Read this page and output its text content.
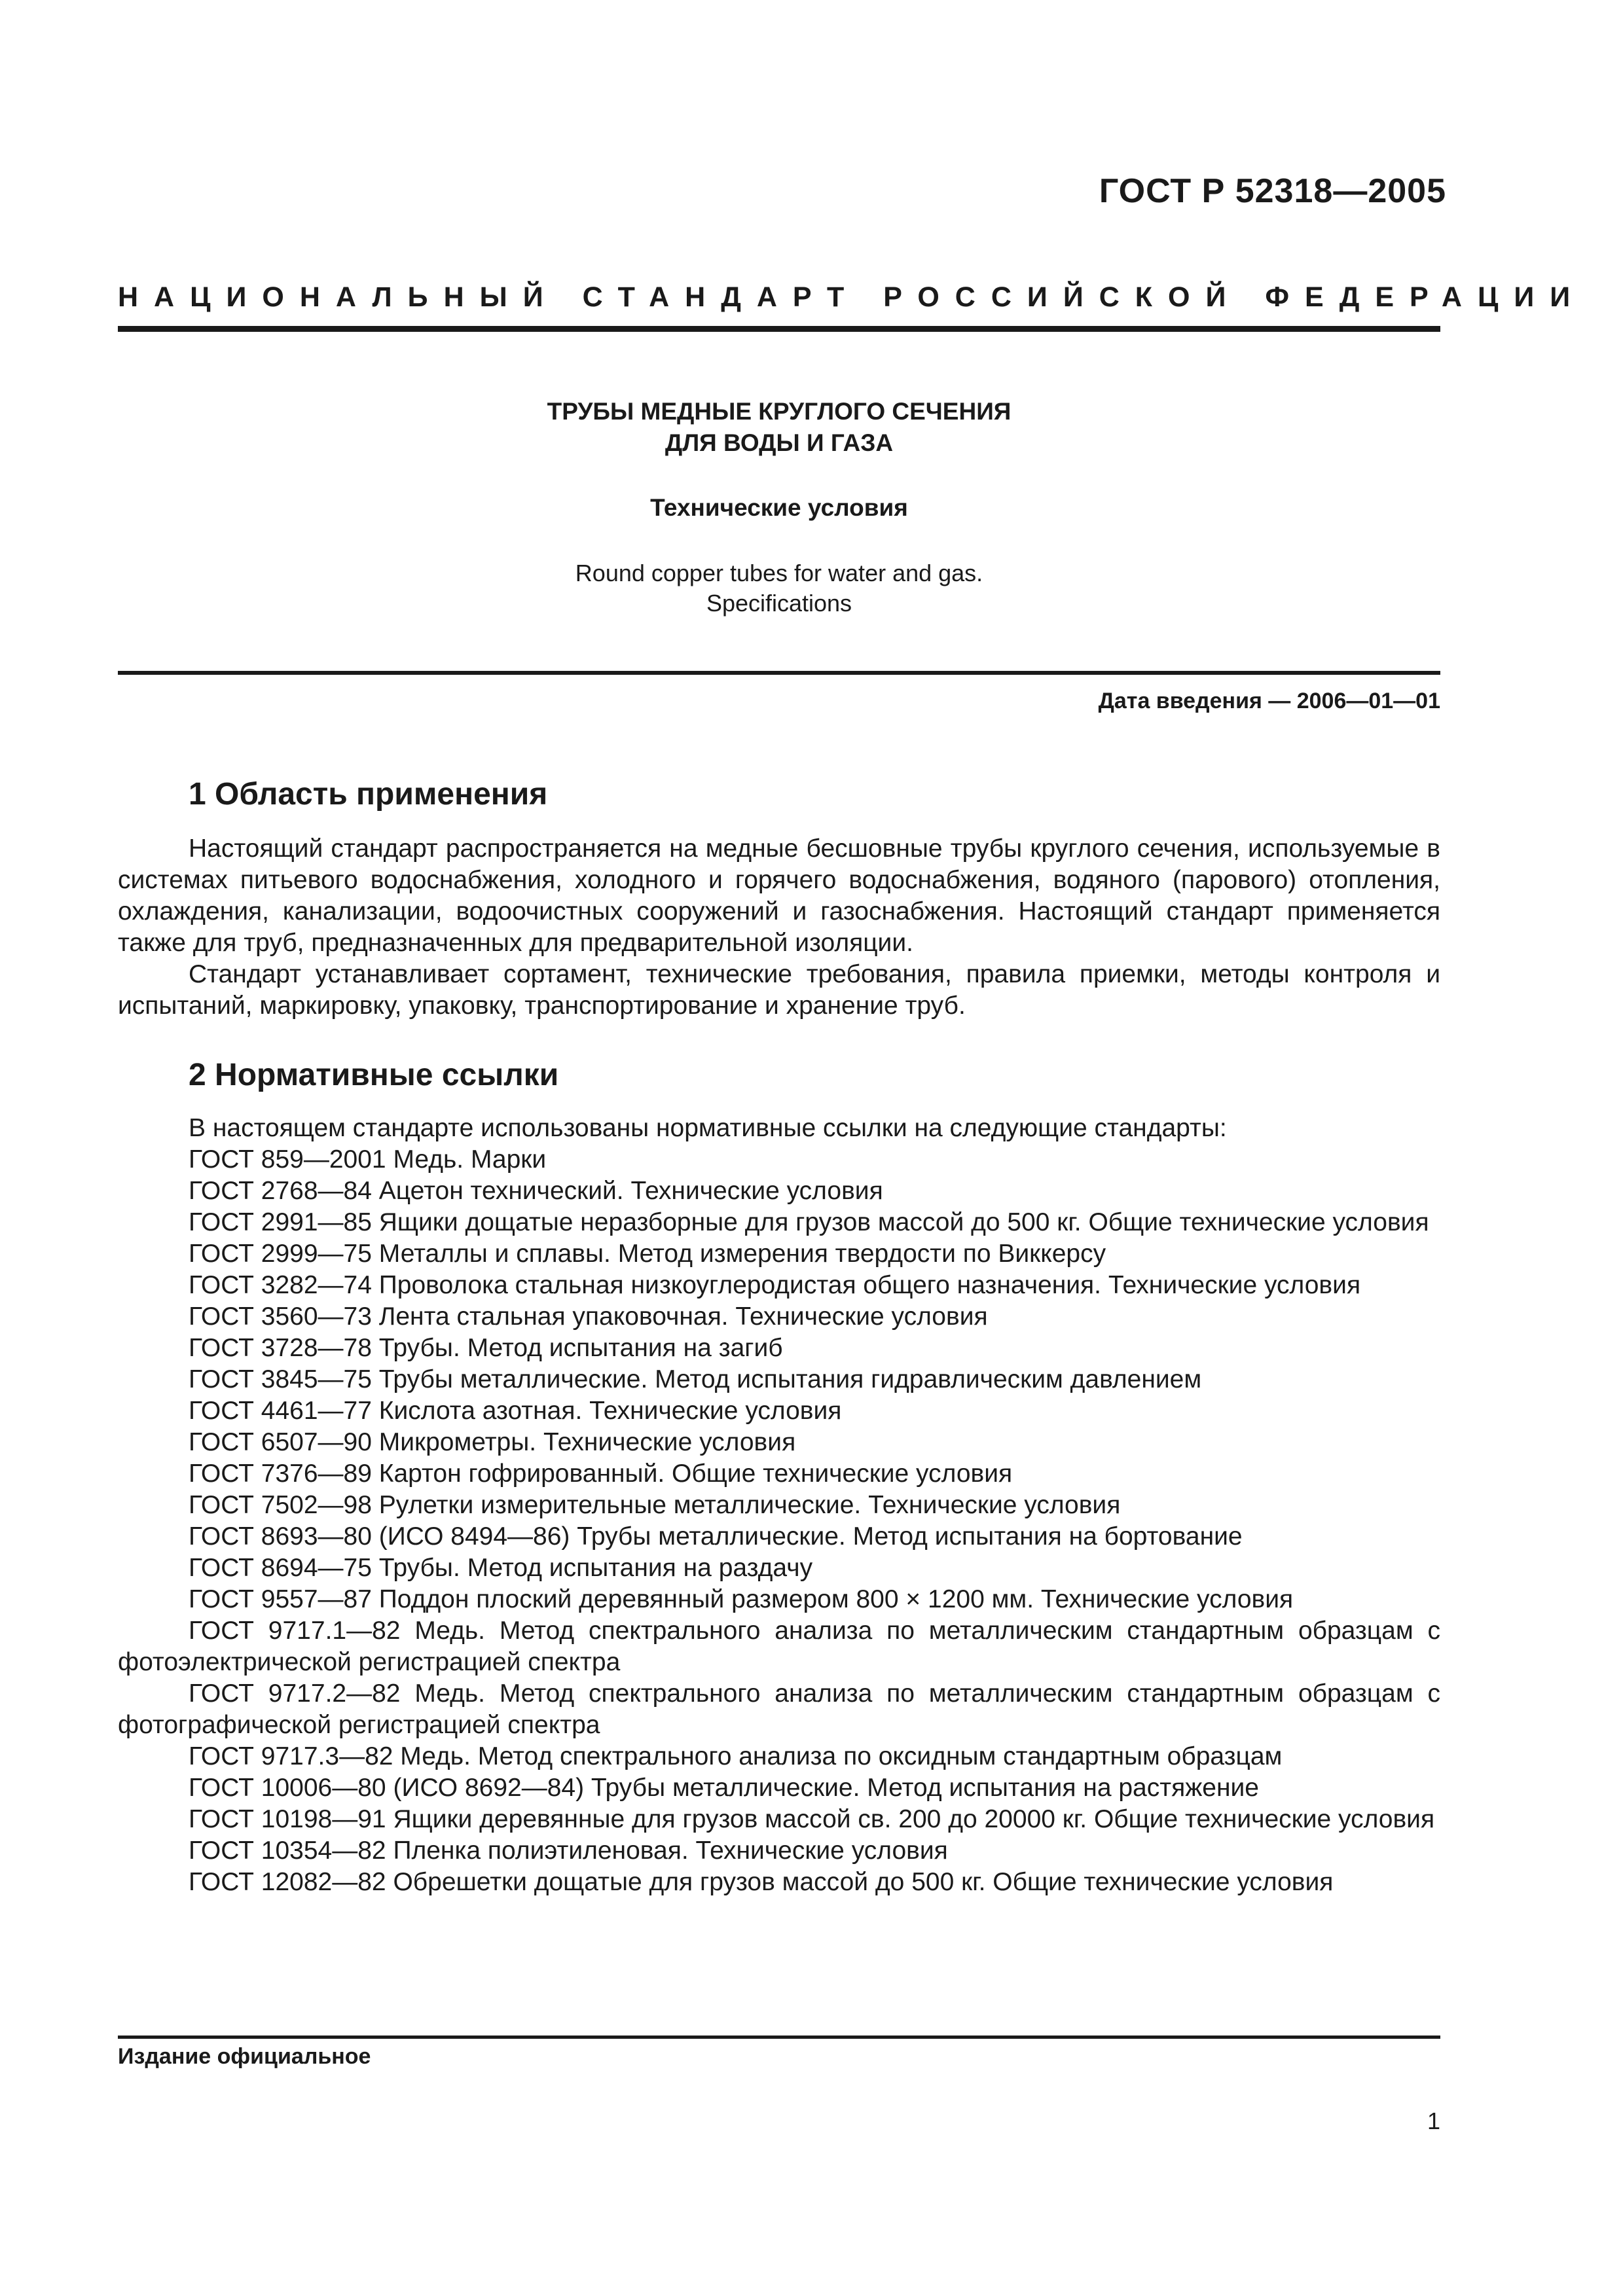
ГОСТ Р 52318—2005
НАЦИОНАЛЬНЫЙ СТАНДАРТ РОССИЙСКОЙ ФЕДЕРАЦИИ
ТРУБЫ МЕДНЫЕ КРУГЛОГО СЕЧЕНИЯ
ДЛЯ ВОДЫ И ГАЗА
Технические условия
Round copper tubes for water and gas.
Specifications
Дата введения — 2006—01—01
1 Область применения

Настоящий стандарт распространяется на медные бесшовные трубы круглого сечения, используемые в системах питьевого водоснабжения, холодного и горячего водоснабжения, водяного (парового) отопления, охлаждения, канализации, водоочистных сооружений и газоснабжения. Настоящий стандарт применяется также для труб, предназначенных для предварительной изоляции.

Стандарт устанавливает сортамент, технические требования, правила приемки, методы контроля и испытаний, маркировку, упаковку, транспортирование и хранение труб.

2 Нормативные ссылки

В настоящем стандарте использованы нормативные ссылки на следующие стандарты:

ГОСТ 859—2001 Медь. Марки

ГОСТ 2768—84 Ацетон технический. Технические условия

ГОСТ 2991—85 Ящики дощатые неразборные для грузов массой до 500 кг. Общие технические условия

ГОСТ 2999—75 Металлы и сплавы. Метод измерения твердости по Виккерсу

ГОСТ 3282—74 Проволока стальная низкоуглеродистая общего назначения. Технические условия

ГОСТ 3560—73 Лента стальная упаковочная. Технические условия

ГОСТ 3728—78 Трубы. Метод испытания на загиб

ГОСТ 3845—75 Трубы металлические. Метод испытания гидравлическим давлением

ГОСТ 4461—77 Кислота азотная. Технические условия

ГОСТ 6507—90 Микрометры. Технические условия

ГОСТ 7376—89 Картон гофрированный. Общие технические условия

ГОСТ 7502—98 Рулетки измерительные металлические. Технические условия

ГОСТ 8693—80 (ИСО 8494—86) Трубы металлические. Метод испытания на бортование

ГОСТ 8694—75 Трубы. Метод испытания на раздачу

ГОСТ 9557—87 Поддон плоский деревянный размером 800 × 1200 мм. Технические условия

ГОСТ 9717.1—82 Медь. Метод спектрального анализа по металлическим стандартным образцам с фотоэлектрической регистрацией спектра

ГОСТ 9717.2—82 Медь. Метод спектрального анализа по металлическим стандартным образцам с фотографической регистрацией спектра

ГОСТ 9717.3—82 Медь. Метод спектрального анализа по оксидным стандартным образцам

ГОСТ 10006—80 (ИСО 8692—84) Трубы металлические. Метод испытания на растяжение

ГОСТ 10198—91 Ящики деревянные для грузов массой св. 200 до 20000 кг. Общие технические условия

ГОСТ 10354—82 Пленка полиэтиленовая. Технические условия

ГОСТ 12082—82 Обрешетки дощатые для грузов массой до 500 кг. Общие технические условия

Издание официальное
1
